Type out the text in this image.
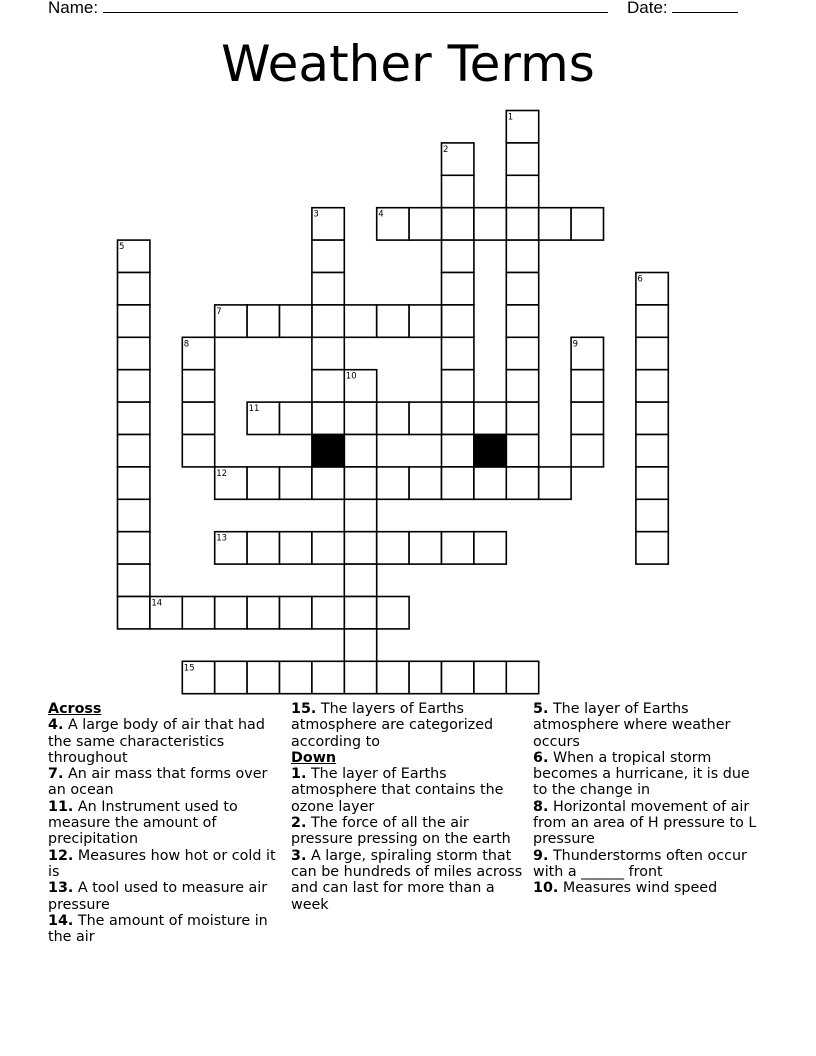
Name:	Date:
Weather Terms
1
2
3	4
5
6
7
8	9
10
11
12
13
14
15

Across

4. A large body of air that had the same characteristics throughout

7. An air mass that forms over an ocean

11. An Instrument used to measure the amount of precipitation

12. Measures how hot or cold it is

13. A tool used to measure air pressure

14. The amount of moisture in the air

15. The layers of Earths atmosphere are categorized according to

Down

1. The layer of Earths atmosphere that contains the ozone layer

2. The force of all the air pressure pressing on the earth

3. A large, spiraling storm that can be hundreds of miles across and can last for more than a week

5. The layer of Earths atmosphere where weather occurs

6. When a tropical storm becomes a hurricane, it is due to the change in

8. Horizontal movement of air from an area of H pressure to L pressure

9. Thunderstorms often occur with a ______ front

10. Measures wind speed
